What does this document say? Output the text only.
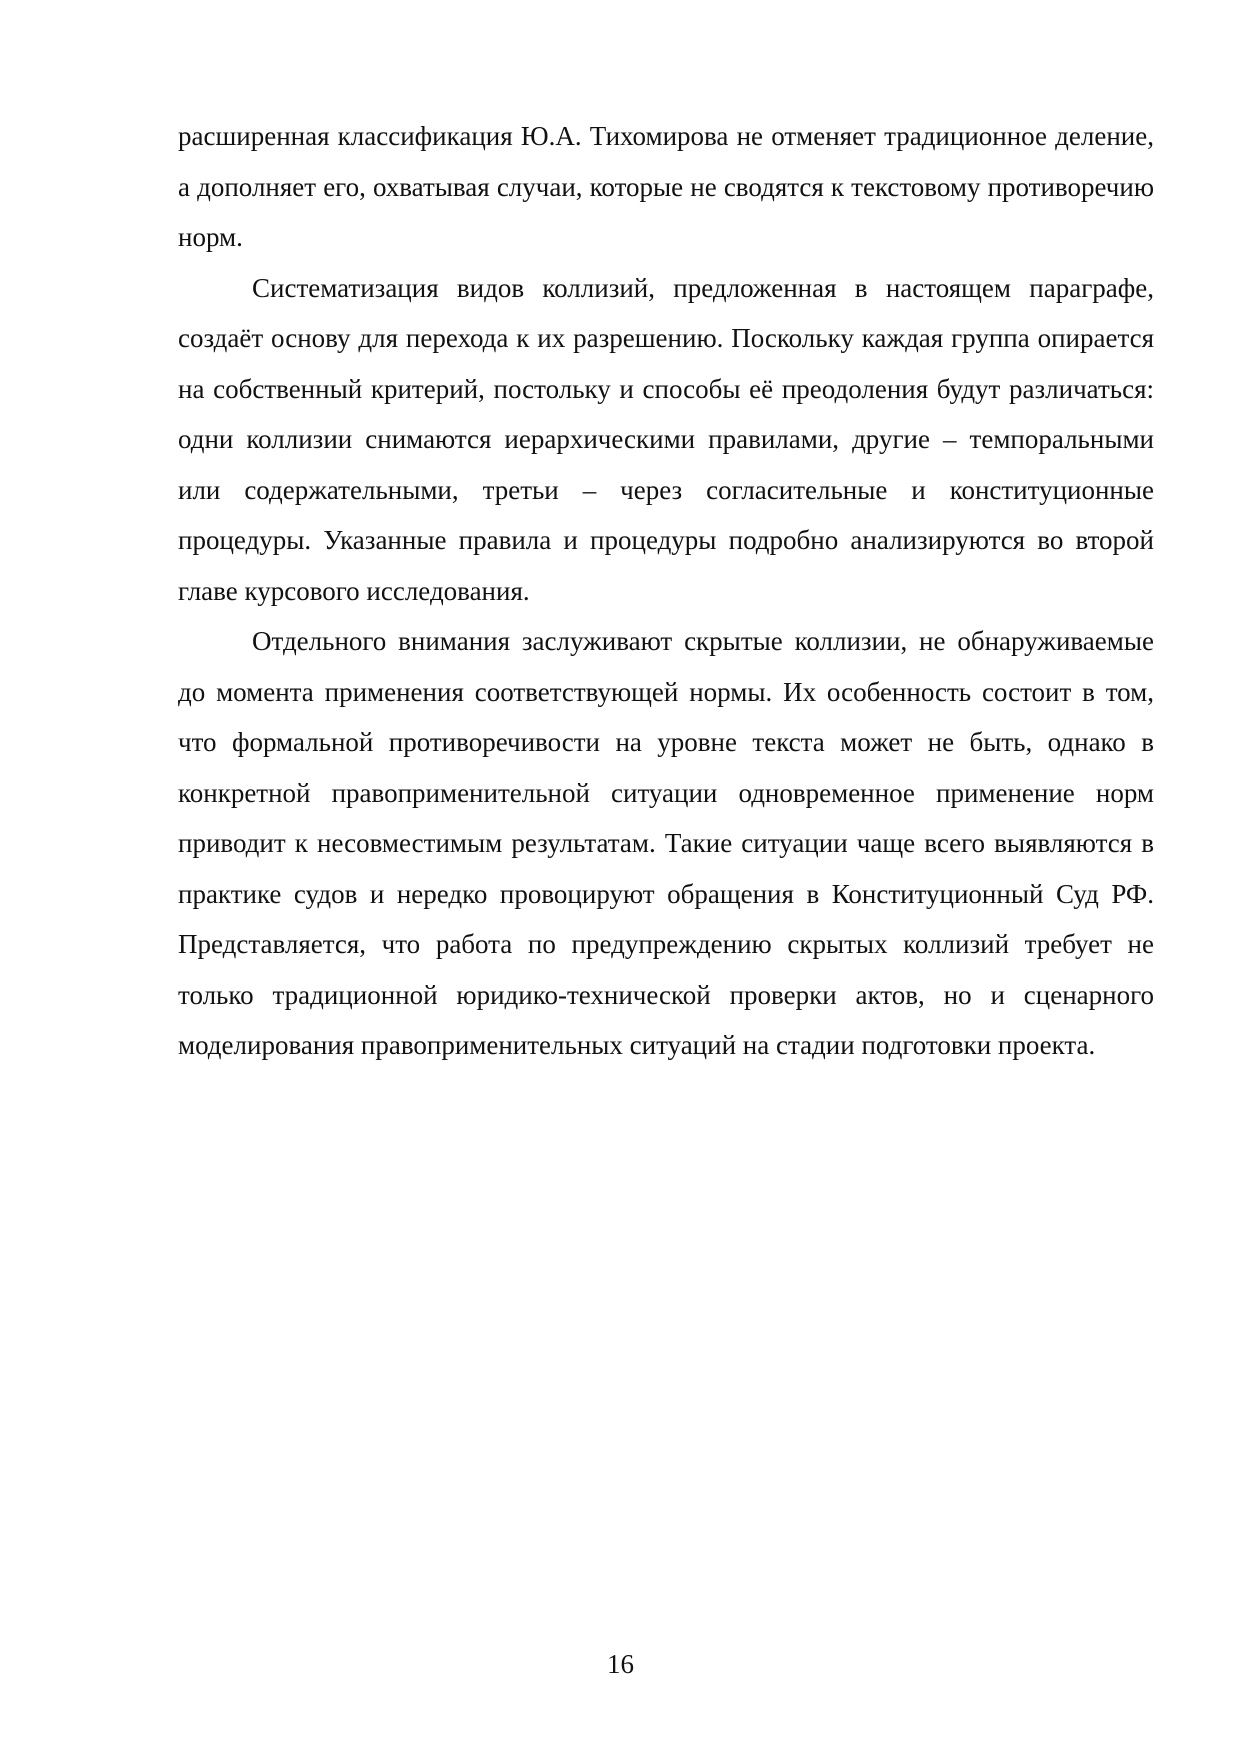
расширенная классификация Ю.А. Тихомирова не отменяет традиционное деление, а дополняет его, охватывая случаи, которые не сводятся к текстовому противоречию норм.

Систематизация видов коллизий, предложенная в настоящем параграфе, создаёт основу для перехода к их разрешению. Поскольку каждая группа опирается на собственный критерий, постольку и способы её преодоления будут различаться: одни коллизии снимаются иерархическими правилами, другие – темпоральными или содержательными, третьи – через согласительные и конституционные процедуры. Указанные правила и процедуры подробно анализируются во второй главе курсового исследования.

Отдельного внимания заслуживают скрытые коллизии, не обнаруживаемые до момента применения соответствующей нормы. Их особенность состоит в том, что формальной противоречивости на уровне текста может не быть, однако в конкретной правоприменительной ситуации одновременное применение норм приводит к несовместимым результатам. Такие ситуации чаще всего выявляются в практике судов и нередко провоцируют обращения в Конституционный Суд РФ. Представляется, что работа по предупреждению скрытых коллизий требует не только традиционной юридико-технической проверки актов, но и сценарного моделирования правоприменительных ситуаций на стадии подготовки проекта.

16
